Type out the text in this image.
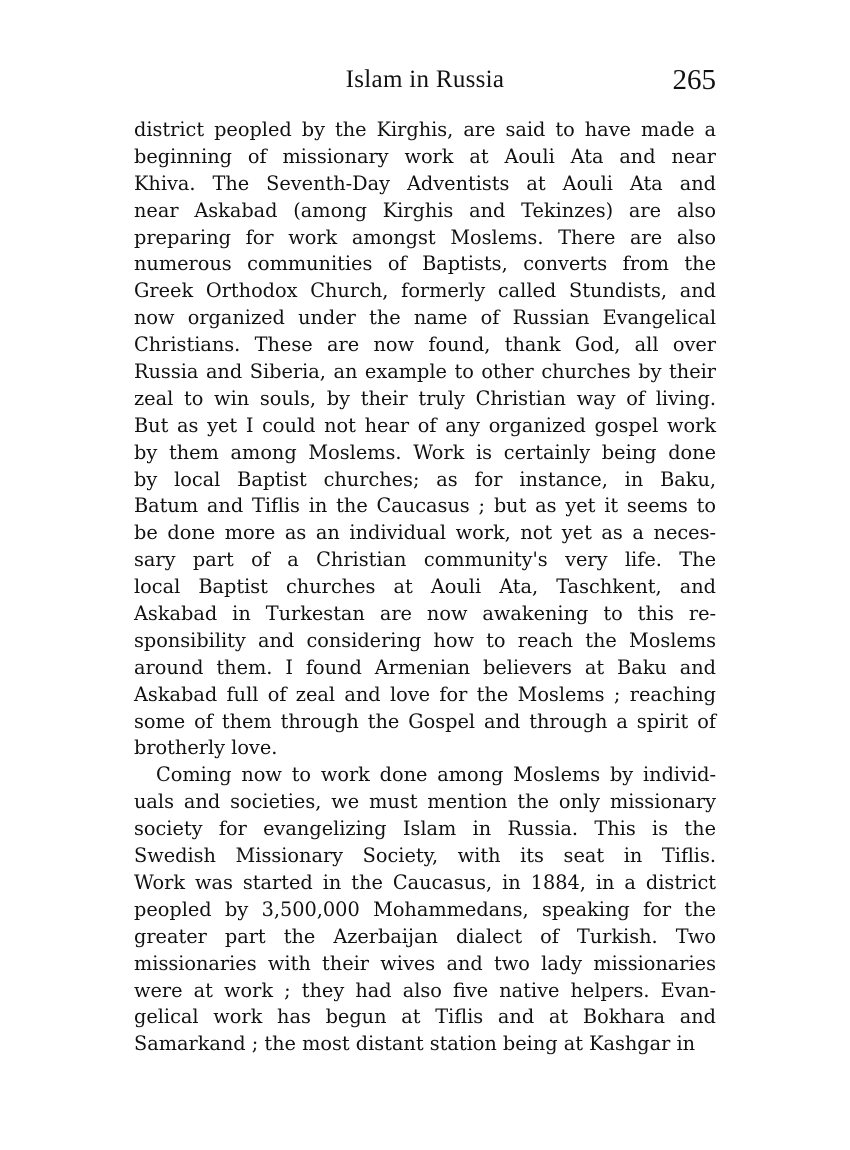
Islam in Russia	265
district peopled by the Kirghis, are said to have made a
beginning of missionary work at Aouli Ata and near
Khiva. The Seventh-Day Adventists at Aouli Ata and
near Askabad (among Kirghis and Tekinzes) are also
preparing for work amongst Moslems. There are also
numerous communities of Baptists, converts from the
Greek Orthodox Church, formerly called Stundists, and
now organized under the name of Russian Evangelical
Christians. These are now found, thank God, all over
Russia and Siberia, an example to other churches by their
zeal to win souls, by their truly Christian way of living.
But as yet I could not hear of any organized gospel work
by them among Moslems. Work is certainly being done
by local Baptist churches; as for instance, in Baku,
Batum and Tiflis in the Caucasus ; but as yet it seems to
be done more as an individual work, not yet as a neces-
sary part of a Christian community's very life. The
local Baptist churches at Aouli Ata, Taschkent, and
Askabad in Turkestan are now awakening to this re-
sponsibility and considering how to reach the Moslems
around them. I found Armenian believers at Baku and
Askabad full of zeal and love for the Moslems ; reaching
some of them through the Gospel and through a spirit of
brotherly love.
Coming now to work done among Moslems by individ-
uals and societies, we must mention the only missionary
society for evangelizing Islam in Russia. This is the
Swedish Missionary Society, with its seat in Tiflis.
Work was started in the Caucasus, in 1884, in a district
peopled by 3,500,000 Mohammedans, speaking for the
greater part the Azerbaijan dialect of Turkish. Two
missionaries with their wives and two lady missionaries
were at work ; they had also five native helpers. Evan-
gelical work has begun at Tiflis and at Bokhara and
Samarkand ; the most distant station being at Kashgar in
